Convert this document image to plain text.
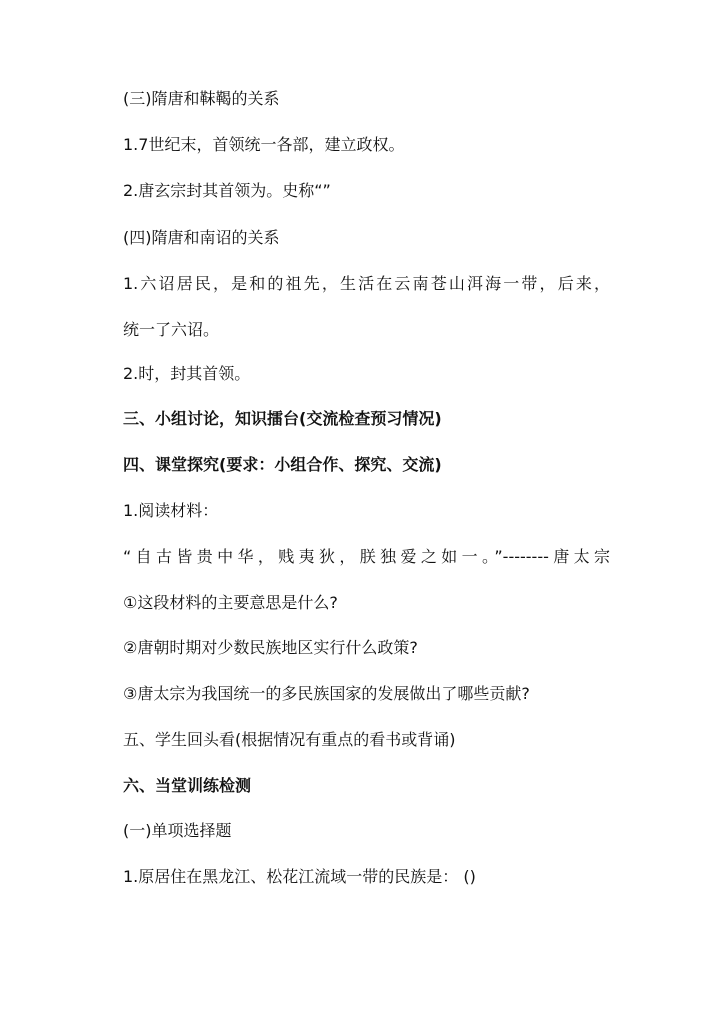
(三)隋唐和靺鞨的关系
1.7世纪末，首领统一各部，建立政权。
2.唐玄宗封其首领为。史称“”
(四)隋唐和南诏的关系
1.六诏居民，是和的祖先，生活在云南苍山洱海一带，后来，
统一了六诏。
2.时，封其首领。
三、小组讨论，知识擂台(交流检查预习情况)
四、课堂探究(要求：小组合作、探究、交流)
1.阅读材料：
“自古皆贵中华，贱夷狄，朕独爱之如一。”--------唐太宗
①这段材料的主要意思是什么?
②唐朝时期对少数民族地区实行什么政策?
③唐太宗为我国统一的多民族国家的发展做出了哪些贡献?
五、学生回头看(根据情况有重点的看书或背诵)
六、当堂训练检测
(一)单项选择题
1.原居住在黑龙江、松花江流域一带的民族是： ()
